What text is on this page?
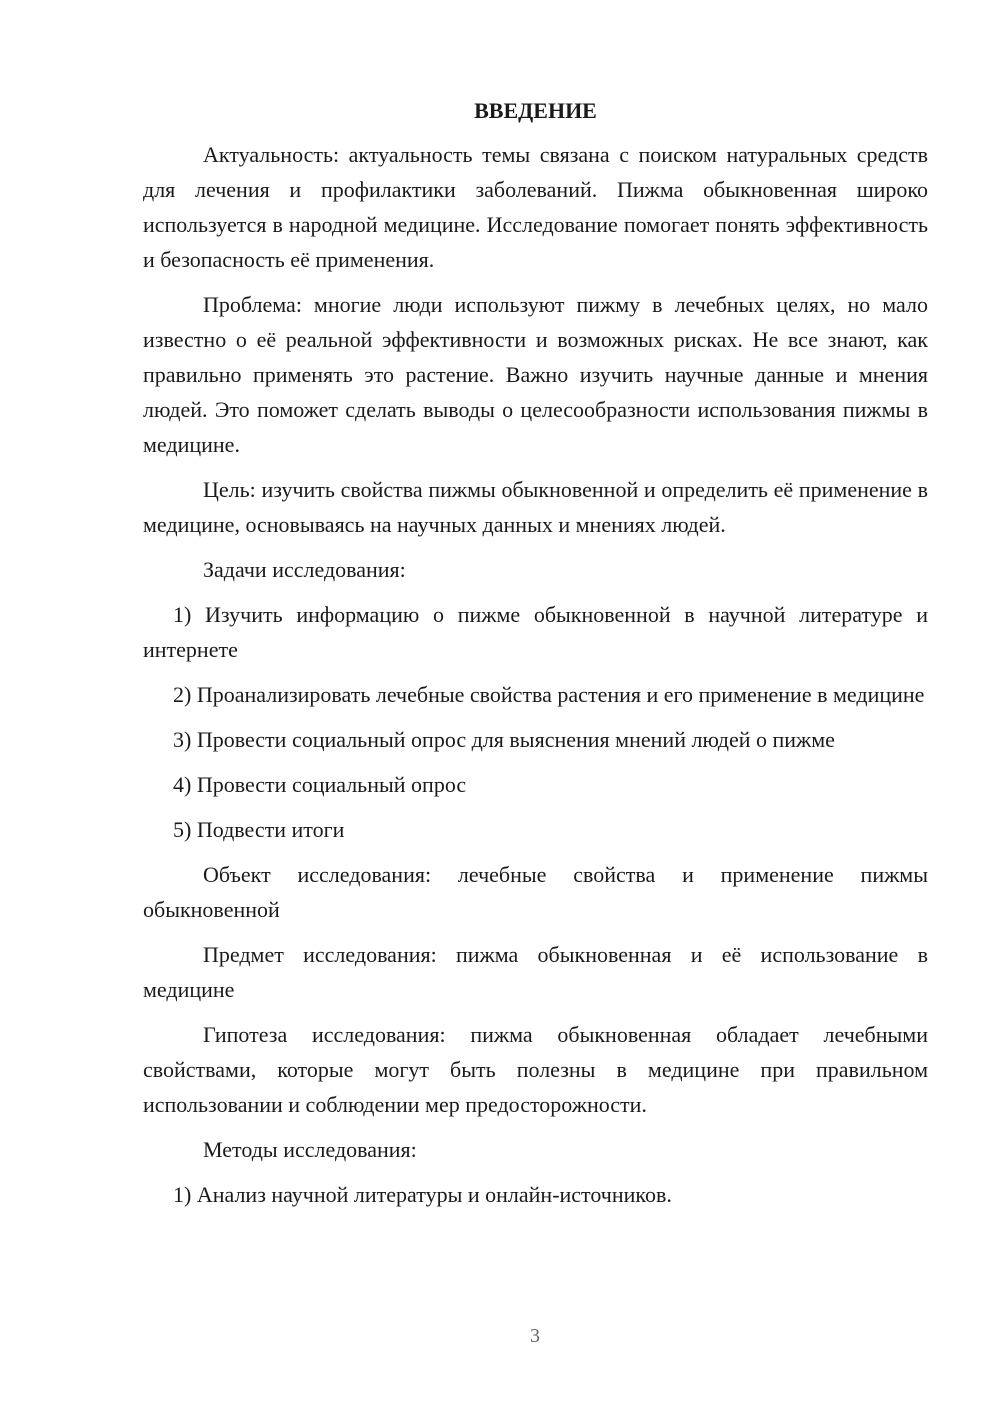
ВВЕДЕНИЕ

Актуальность: актуальность темы связана с поиском натуральных средств для лечения и профилактики заболеваний. Пижма обыкновенная широко используется в народной медицине. Исследование помогает понять эффективность и безопасность её применения.

Проблема: многие люди используют пижму в лечебных целях, но мало известно о её реальной эффективности и возможных рисках. Не все знают, как правильно применять это растение. Важно изучить научные данные и мнения людей. Это поможет сделать выводы о целесообразности использования пижмы в медицине.

Цель: изучить свойства пижмы обыкновенной и определить её применение в медицине, основываясь на научных данных и мнениях людей.

Задачи исследования:

1) Изучить информацию о пижме обыкновенной в научной литературе и интернете

2) Проанализировать лечебные свойства растения и его применение в медицине

3) Провести социальный опрос для выяснения мнений людей о пижме

4) Провести социальный опрос

5) Подвести итоги

Объект исследования: лечебные свойства и применение пижмы обыкновенной

Предмет исследования: пижма обыкновенная и её использование в медицине

Гипотеза исследования: пижма обыкновенная обладает лечебными свойствами, которые могут быть полезны в медицине при правильном использовании и соблюдении мер предосторожности.

Методы исследования:

1) Анализ научной литературы и онлайн-источников.

3
